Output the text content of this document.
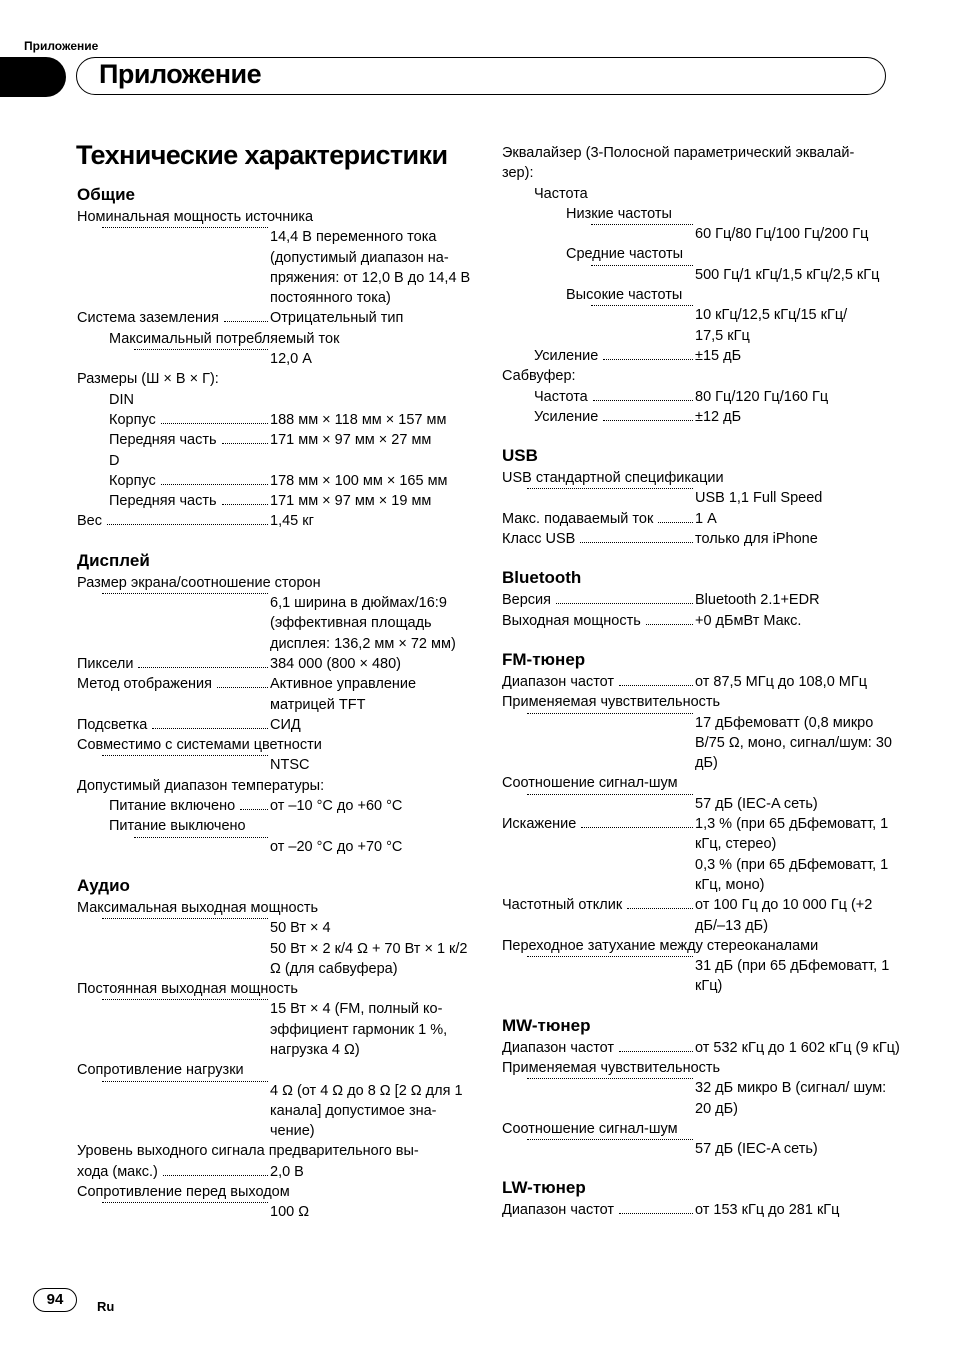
Приложение
Приложение
Технические характеристики
Общие
Номинальная мощность источника
14,4 В переменного тока (допустимый диапазон на-пряжения: от 12,0 В до 14,4 В постоянного тока)
Система заземления	Отрицательный тип
Максимальный потребляемый ток
12,0 А
Размеры (Ш × В × Г):
DIN
Корпус	188 мм × 118 мм × 157 мм
Передняя часть	171 мм × 97 мм × 27 мм
D
Корпус	178 мм × 100 мм × 165 мм
Передняя часть	171 мм × 97 мм × 19 мм
Вес	1,45 кг
Дисплей
Размер экрана/соотношение сторон
6,1 ширина в дюймах/16:9 (эффективная площадь дисплея: 136,2 мм × 72 мм)
Пиксели	384 000 (800 × 480)
Метод отображения	Активное управление матрицей TFT
Подсветка	СИД
Совместимо с системами цветности
NTSC
Допустимый диапазон температуры:
Питание включено от –10 °C до +60 °C
Питание выключено
от –20 °C до +70 °C
Аудио
Максимальная выходная мощность
50 Вт × 4
50 Вт × 2 к/4 Ω + 70 Вт × 1 к/2 Ω (для сабвуфера)
Постоянная выходная мощность
15 Вт × 4 (FM, полный ко-эффициент гармоник 1 %, нагрузка 4 Ω)
Сопротивление нагрузки
4 Ω (от 4 Ω до 8 Ω [2 Ω для 1 канала] допустимое зна-чение)
Уровень выходного сигнала предварительного вы-
хода (макс.)	2,0 В
Сопротивление перед выходом
100 Ω
Эквалайзер (3-Полосной параметрический эквалай-
зер):
Частота
Низкие частоты
60 Гц/80 Гц/100 Гц/200 Гц
Средние частоты
500 Гц/1 кГц/1,5 кГц/2,5 кГц
Высокие частоты
10 кГц/12,5 кГц/15 кГц/ 17,5 кГц
Усиление	±15 дБ
Сабвуфер:
Частота	80 Гц/120 Гц/160 Гц
Усиление	±12 дБ
USB
USB стандартной спецификации
USB 1,1 Full Speed
Макс. подаваемый ток	1 А
Класс USB	только для iPhone
Bluetooth
Версия	Bluetooth 2.1+EDR
Выходная мощность	+0 дБмВт Макс.
FM-тюнер
Диапазон частот	от 87,5 МГц до 108,0 МГц
Применяемая чувствительность
17 дБфемоватт (0,8 микро В/75 Ω, моно, сигнал/шум: 30 дБ)
Соотношение сигнал-шум
57 дБ (IEC-A сеть)
Искажение	1,3 % (при 65 дБфемоватт, 1 кГц, стерео)
0,3 % (при 65 дБфемоватт, 1 кГц, моно)
Частотный отклик	от 100 Гц до 10 000 Гц (+2 дБ/–13 дБ)
Переходное затухание между стереоканалами
31 дБ (при 65 дБфемоватт, 1 кГц)
MW-тюнер
Диапазон частот	от 532 кГц до 1 602 кГц (9 кГц)
Применяемая чувствительность
32 дБ микро В (сигнал/ шум: 20 дБ)
Соотношение сигнал-шум
57 дБ (IEC-A сеть)
LW-тюнер
Диапазон частот	от 153 кГц до 281 кГц
94	Ru
